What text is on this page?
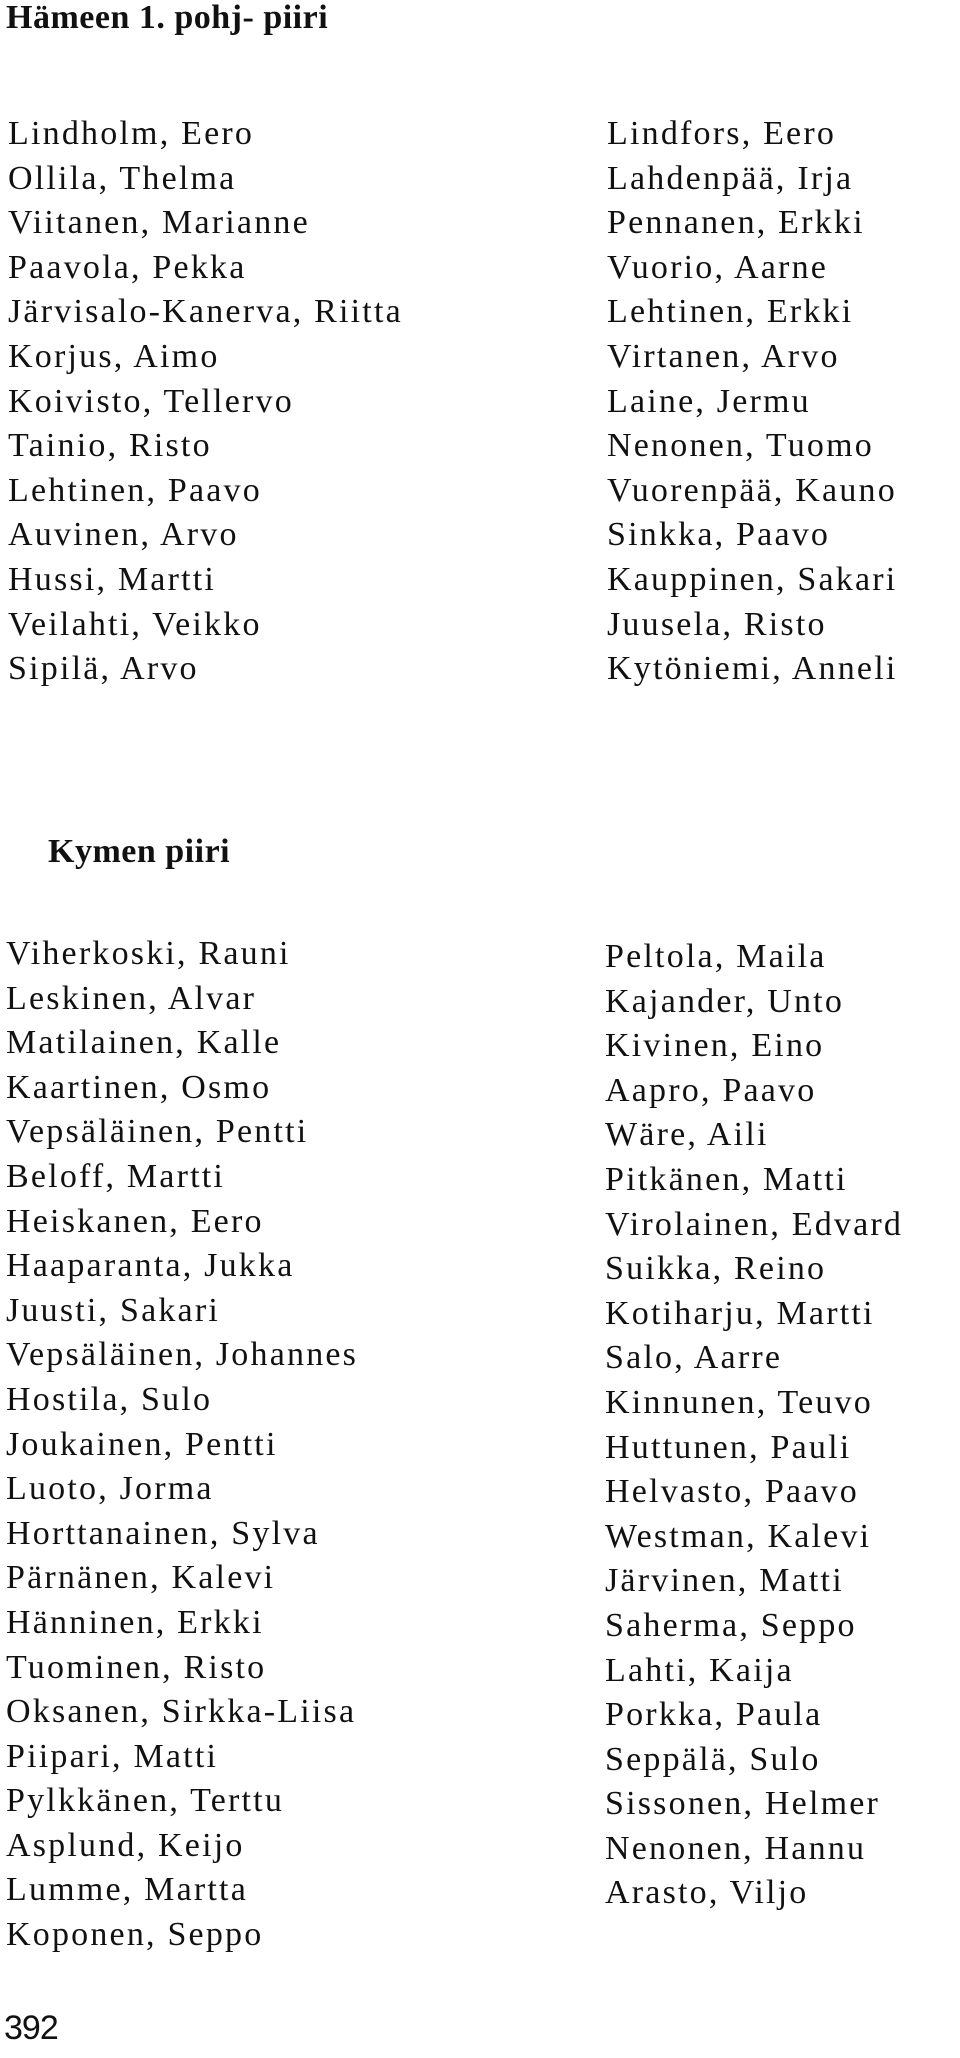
Hämeen 1. pohj- piiri
Lindholm, Eero
Ollila, Thelma
Viitanen, Marianne
Paavola, Pekka
Järvisalo-Kanerva, Riitta
Korjus, Aimo
Koivisto, Tellervo
Tainio, Risto
Lehtinen, Paavo
Auvinen, Arvo
Hussi, Martti
Veilahti, Veikko
Sipilä, Arvo
Lindfors, Eero
Lahdenpää, Irja
Pennanen, Erkki
Vuorio, Aarne
Lehtinen, Erkki
Virtanen, Arvo
Laine, Jermu
Nenonen, Tuomo
Vuorenpää, Kauno
Sinkka, Paavo
Kauppinen, Sakari
Juusela, Risto
Kytöniemi, Anneli
Kymen piiri
Viherkoski, Rauni
Leskinen, Alvar
Matilainen, Kalle
Kaartinen, Osmo
Vepsäläinen, Pentti
Beloff, Martti
Heiskanen, Eero
Haaparanta, Jukka
Juusti, Sakari
Vepsäläinen, Johannes
Hostila, Sulo
Joukainen, Pentti
Luoto, Jorma
Horttanainen, Sylva
Pärnänen, Kalevi
Hänninen, Erkki
Tuominen, Risto
Oksanen, Sirkka-Liisa
Piipari, Matti
Pylkkänen, Terttu
Asplund, Keijo
Lumme, Martta
Koponen, Seppo
Peltola, Maila
Kajander, Unto
Kivinen, Eino
Aapro, Paavo
Wäre, Aili
Pitkänen, Matti
Virolainen, Edvard
Suikka, Reino
Kotiharju, Martti
Salo, Aarre
Kinnunen, Teuvo
Huttunen, Pauli
Helvasto, Paavo
Westman, Kalevi
Järvinen, Matti
Saherma, Seppo
Lahti, Kaija
Porkka, Paula
Seppälä, Sulo
Sissonen, Helmer
Nenonen, Hannu
Arasto, Viljo
392
